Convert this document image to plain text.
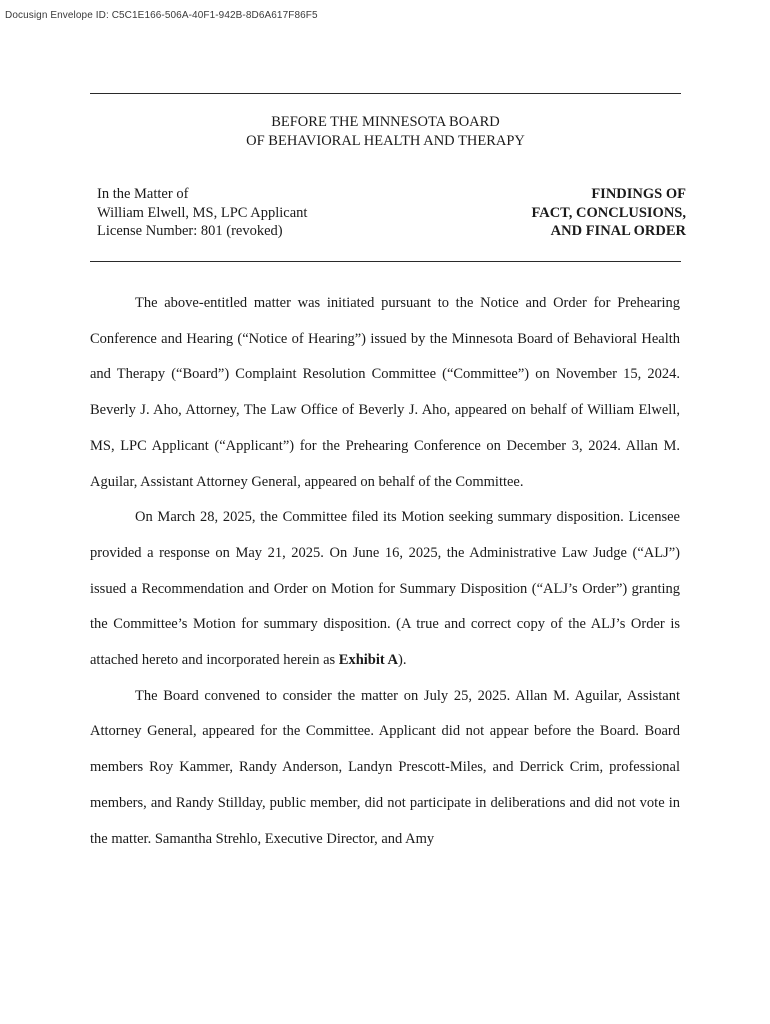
Docusign Envelope ID: C5C1E166-506A-40F1-942B-8D6A617F86F5
BEFORE THE MINNESOTA BOARD
OF BEHAVIORAL HEALTH AND THERAPY
In the Matter of
William Elwell, MS, LPC Applicant
License Number: 801 (revoked)
FINDINGS OF
FACT, CONCLUSIONS,
AND FINAL ORDER

The above-entitled matter was initiated pursuant to the Notice and Order for Prehearing Conference and Hearing (“Notice of Hearing”) issued by the Minnesota Board of Behavioral Health and Therapy (“Board”) Complaint Resolution Committee (“Committee”) on November 15, 2024. Beverly J. Aho, Attorney, The Law Office of Beverly J. Aho, appeared on behalf of William Elwell, MS, LPC Applicant (“Applicant”) for the Prehearing Conference on December 3, 2024. Allan M. Aguilar, Assistant Attorney General, appeared on behalf of the Committee.

On March 28, 2025, the Committee filed its Motion seeking summary disposition. Licensee provided a response on May 21, 2025. On June 16, 2025, the Administrative Law Judge (“ALJ”) issued a Recommendation and Order on Motion for Summary Disposition (“ALJ’s Order”) granting the Committee’s Motion for summary disposition. (A true and correct copy of the ALJ’s Order is attached hereto and incorporated herein as Exhibit A).

The Board convened to consider the matter on July 25, 2025. Allan M. Aguilar, Assistant Attorney General, appeared for the Committee. Applicant did not appear before the Board. Board members Roy Kammer, Randy Anderson, Landyn Prescott-Miles, and Derrick Crim, professional members, and Randy Stillday, public member, did not participate in deliberations and did not vote in the matter. Samantha Strehlo, Executive Director, and Amy
